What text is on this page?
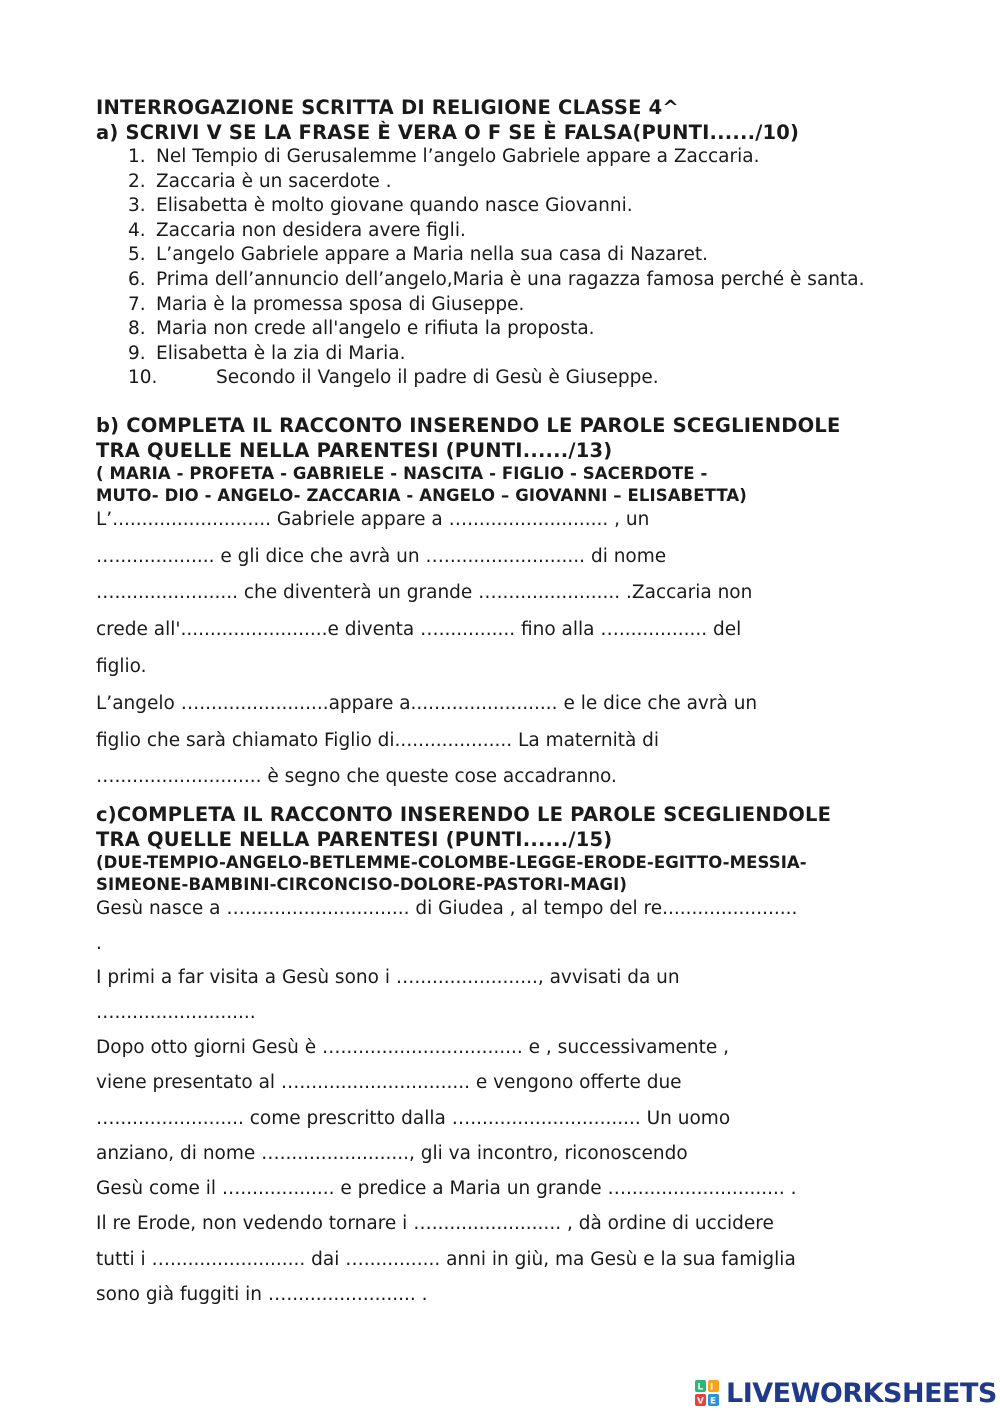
INTERROGAZIONE SCRITTA DI RELIGIONE CLASSE 4^
a) SCRIVI V SE LA FRASE È VERA O F SE È FALSA(PUNTI....../10)
1. Nel Tempio di Gerusalemme l’angelo Gabriele appare a Zaccaria.
2. Zaccaria è un sacerdote .
3. Elisabetta è molto giovane quando nasce Giovanni.
4. Zaccaria non desidera avere figli.
5. L’angelo Gabriele appare a Maria nella sua casa di Nazaret.
6. Prima dell’annuncio dell’angelo,Maria è una ragazza famosa perché è santa.
7. Maria è la promessa sposa di Giuseppe.
8. Maria non crede all'angelo e rifiuta la proposta.
9. Elisabetta è la zia di Maria.
10.	Secondo il Vangelo il padre di Gesù è Giuseppe.
b) COMPLETA IL RACCONTO INSERENDO LE PAROLE SCEGLIENDOLE
TRA QUELLE NELLA PARENTESI (PUNTI....../13)

( MARIA - PROFETA - GABRIELE - NASCITA - FIGLIO - SACERDOTE -

MUTO- DIO - ANGELO- ZACCARIA - ANGELO – GIOVANNI – ELISABETTA)

L’........................... Gabriele appare a …........................ , un

…................. e gli dice che avrà un …........................ di nome

…..................... che diventerà un grande …..................... .Zaccaria non

crede all'.........................e diventa …............. fino alla …............... del

figlio.

L’angelo …......................appare a......................... e le dice che avrà un

figlio che sarà chiamato Figlio di.................... La maternità di

…......................... è segno che queste cose accadranno.

c)COMPLETA IL RACCONTO INSERENDO LE PAROLE SCEGLIENDOLE
TRA QUELLE NELLA PARENTESI (PUNTI....../15)

(DUE-TEMPIO-ANGELO-BETLEMME-COLOMBE-LEGGE-ERODE-EGITTO-MESSIA-

SIMEONE-BAMBINI-CIRCONCISO-DOLORE-PASTORI-MAGI)

Gesù nasce a …............................ di Giudea , al tempo del re.......................

.

I primi a far visita a Gesù sono i …....................., avvisati da un

…........................

Dopo otto giorni Gesù è …............................... e , successivamente ,

viene presentato al …............................. e vengono offerte due

…...................... come prescritto dalla …............................. Un uomo

anziano, di nome …......................, gli va incontro, riconoscendo

Gesù come il …................ e predice a Maria un grande …........................... .

Il re Erode, non vedendo tornare i …...................... , dà ordine di uccidere

tutti i …....................... dai …............. anni in giù, ma Gesù e la sua famiglia

sono già fuggiti in …...................... .

L I
V E LIVEWORKSHEETS
